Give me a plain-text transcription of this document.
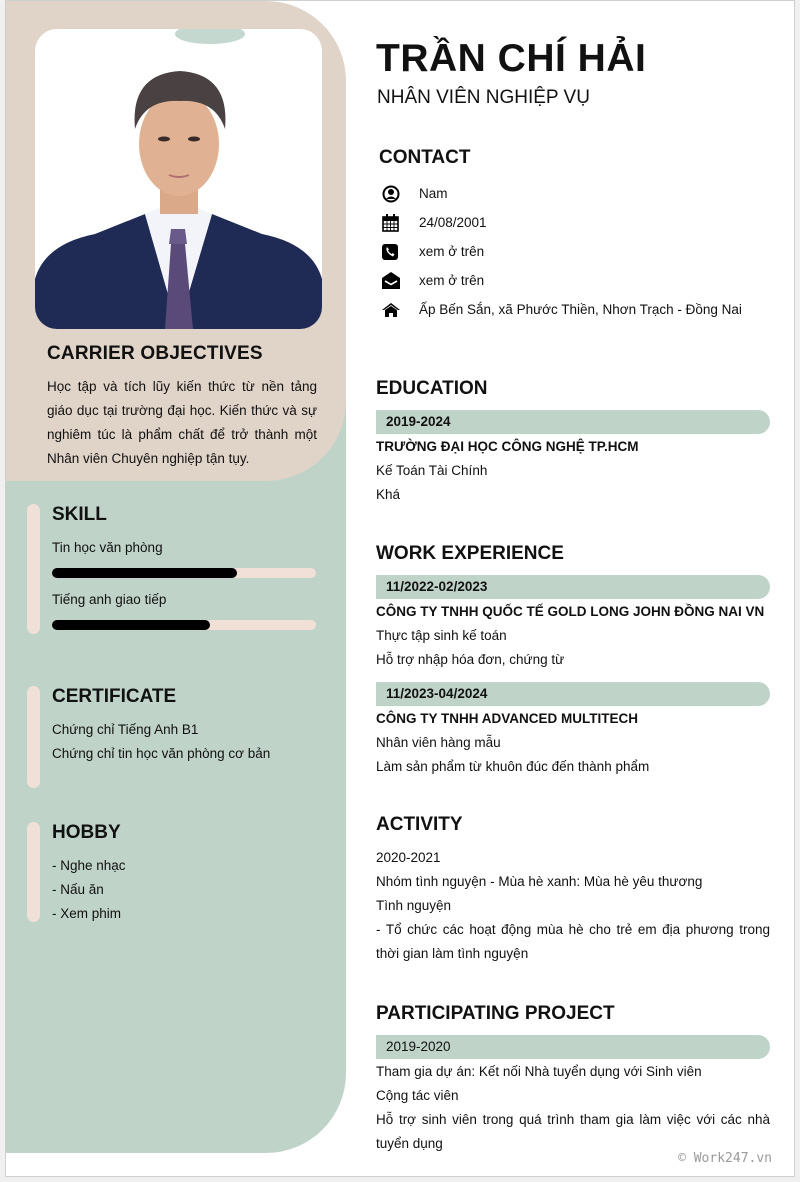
CARRIER OBJECTIVES

Học tập và tích lũy kiến thức từ nền tảng giáo dục tại trường đại học. Kiến thức và sự nghiêm túc là phẩm chất để trở thành một Nhân viên Chuyên nghiệp tận tụy.

SKILL
Tin học văn phòng
Tiếng anh giao tiếp
CERTIFICATE
Chứng chỉ Tiếng Anh B1
Chứng chỉ tin học văn phòng cơ bản
HOBBY
- Nghe nhạc
- Nấu ăn
- Xem phim
TRẦN CHÍ HẢI
NHÂN VIÊN NGHIỆP VỤ
CONTACT
Nam
24/08/2001
xem ở trên
xem ở trên
Ấp Bến Sắn, xã Phước Thiền, Nhơn Trạch - Đồng Nai
EDUCATION
2019-2024
TRƯỜNG ĐẠI HỌC CÔNG NGHỆ TP.HCM
Kế Toán Tài Chính
Khá
WORK EXPERIENCE
11/2022-02/2023
CÔNG TY TNHH QUỐC TẾ GOLD LONG JOHN ĐỒNG NAI VN
Thực tập sinh kế toán
Hỗ trợ nhập hóa đơn, chứng từ
11/2023-04/2024
CÔNG TY TNHH ADVANCED MULTITECH
Nhân viên hàng mẫu
Làm sản phẩm từ khuôn đúc đến thành phẩm
ACTIVITY
2020-2021
Nhóm tình nguyện - Mùa hè xanh: Mùa hè yêu thương
Tình nguyện
- Tổ chức các hoạt động mùa hè cho trẻ em địa phương trong thời gian làm tình nguyện
PARTICIPATING PROJECT
2019-2020
Tham gia dự án: Kết nối Nhà tuyển dụng với Sinh viên
Cộng tác viên
Hỗ trợ sinh viên trong quá trình tham gia làm việc với các nhà tuyển dụng
© Work247.vn
